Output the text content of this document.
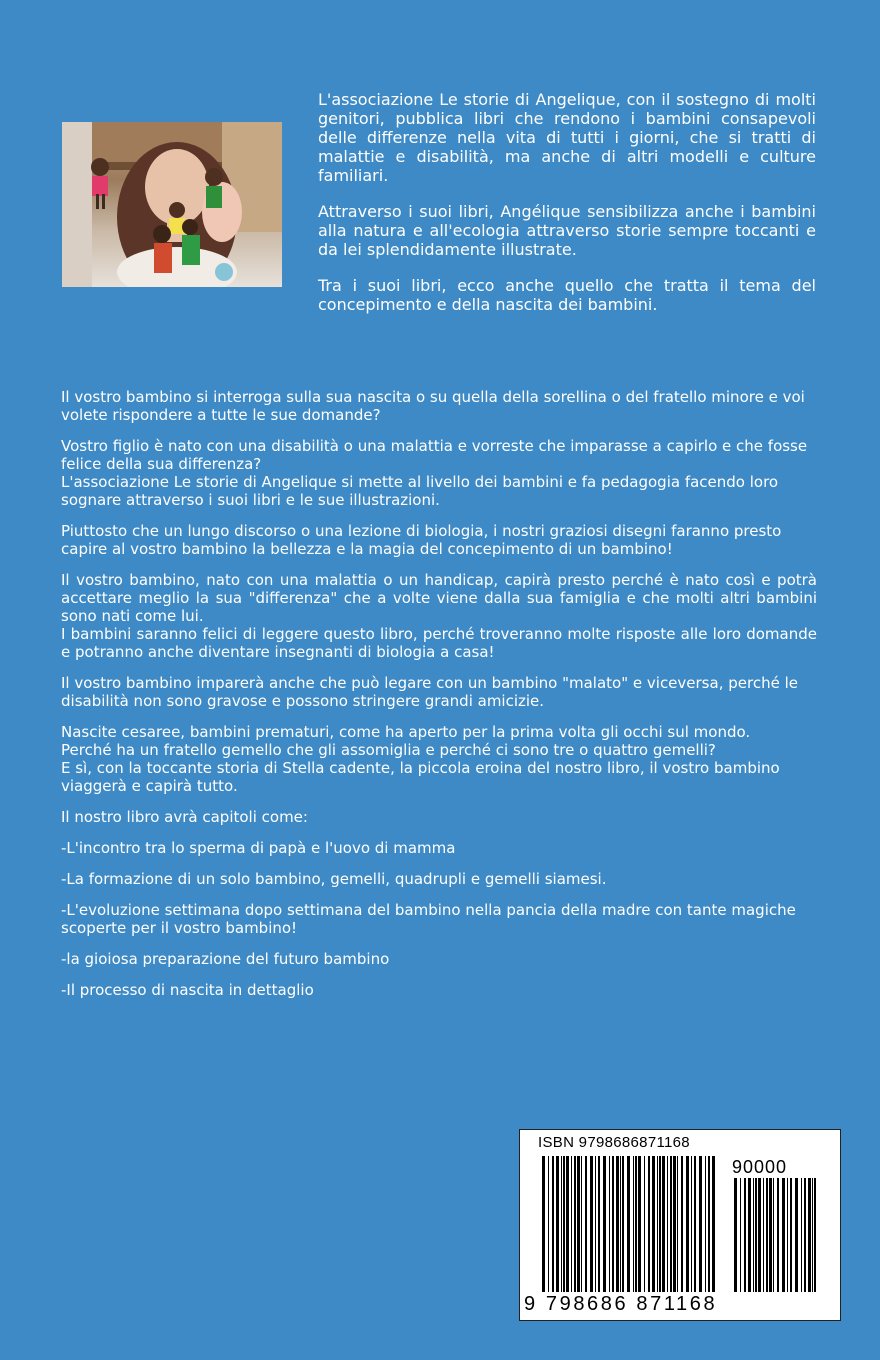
L'associazione Le storie di Angelique, con il sostegno di molti genitori, pubblica libri che rendono i bambini consapevoli delle differenze nella vita di tutti i giorni, che si tratti di malattie e disabilità, ma anche di altri modelli e culture familiari.

Attraverso i suoi libri, Angélique sensibilizza anche i bambini alla natura e all'ecologia attraverso storie sempre toccanti e da lei splendidamente illustrate.

Tra i suoi libri, ecco anche quello che tratta il tema del concepimento e della nascita dei bambini.

Il vostro bambino si interroga sulla sua nascita o su quella della sorellina o del fratello minore e voi volete rispondere a tutte le sue domande?

Vostro figlio è nato con una disabilità o una malattia e vorreste che imparasse a capirlo e che fosse felice della sua differenza?
L'associazione Le storie di Angelique si mette al livello dei bambini e fa pedagogia facendo loro sognare attraverso i suoi libri e le sue illustrazioni.

Piuttosto che un lungo discorso o una lezione di biologia, i nostri graziosi disegni faranno presto capire al vostro bambino la bellezza e la magia del concepimento di un bambino!

Il vostro bambino, nato con una malattia o un handicap, capirà presto perché è nato così e potrà accettare meglio la sua "differenza" che a volte viene dalla sua famiglia e che molti altri bambini sono nati come lui.
I bambini saranno felici di leggere questo libro, perché troveranno molte risposte alle loro domande e potranno anche diventare insegnanti di biologia a casa!

Il vostro bambino imparerà anche che può legare con un bambino "malato" e viceversa, perché le disabilità non sono gravose e possono stringere grandi amicizie.

Nascite cesaree, bambini prematuri, come ha aperto per la prima volta gli occhi sul mondo.
Perché ha un fratello gemello che gli assomiglia e perché ci sono tre o quattro gemelli?
E sì, con la toccante storia di Stella cadente, la piccola eroina del nostro libro, il vostro bambino viaggerà e capirà tutto.

Il nostro libro avrà capitoli come:

-L'incontro tra lo sperma di papà e l'uovo di mamma

-La formazione di un solo bambino, gemelli, quadrupli e gemelli siamesi.

-L'evoluzione settimana dopo settimana del bambino nella pancia della madre con tante magiche scoperte per il vostro bambino!

-la gioiosa preparazione del futuro bambino

-Il processo di nascita in dettaglio

ISBN 9798686871168
90000
9 798686 871168
